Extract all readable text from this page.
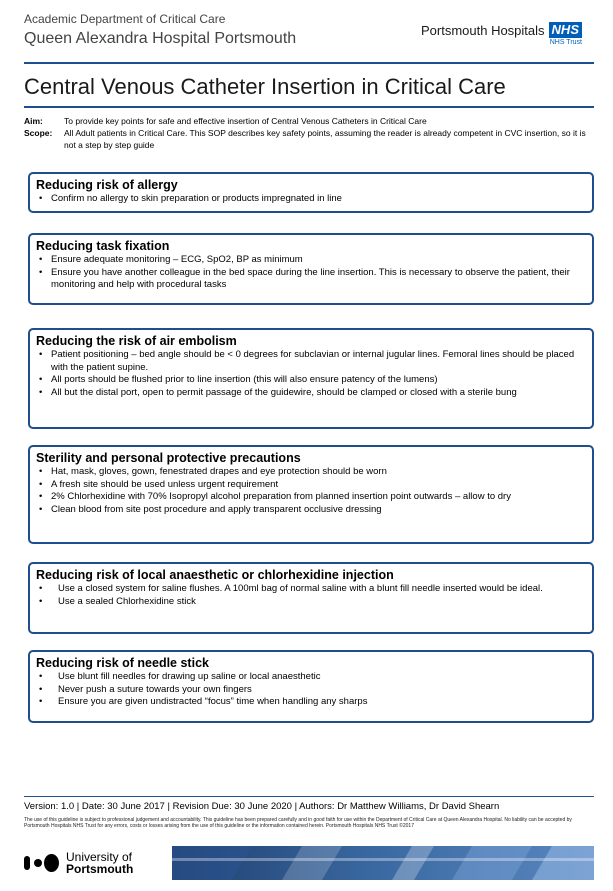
Academic Department of Critical Care
Queen Alexandra Hospital Portsmouth	Portsmouth Hospitals NHS
NHS Trust
Central Venous Catheter Insertion in Critical Care
Aim:	To provide key points for safe and effective insertion of Central Venous Catheters in Critical Care
Scope:	All Adult patients in Critical Care. This SOP describes key safety points, assuming the reader is already competent in CVC insertion, so it is not a step by step guide
Reducing risk of allergy
• Confirm no allergy to skin preparation or products impregnated in line
Reducing task fixation
• Ensure adequate monitoring – ECG, SpO2, BP as minimum
• Ensure you have another colleague in the bed space during the line insertion. This is necessary to observe the patient, their monitoring and help with procedural tasks
Reducing the risk of air embolism
• Patient positioning – bed angle should be < 0 degrees for subclavian or internal jugular lines. Femoral lines should be placed with the patient supine.
• All ports should be flushed prior to line insertion (this will also ensure patency of the lumens)
• All but the distal port, open to permit passage of the guidewire, should be clamped or closed with a sterile bung
Sterility and personal protective precautions
• Hat, mask, gloves, gown, fenestrated drapes and eye protection should be worn
• A fresh site should be used unless urgent requirement
• 2% Chlorhexidine with 70% Isopropyl alcohol preparation from planned insertion point outwards – allow to dry
• Clean blood from site post procedure and apply transparent occlusive dressing
Reducing risk of local anaesthetic or chlorhexidine injection
• Use a closed system for saline flushes. A 100ml bag of normal saline with a blunt fill needle inserted would be ideal.
• Use a sealed Chlorhexidine stick
Reducing risk of needle stick
• Use blunt fill needles for drawing up saline or local anaesthetic
• Never push a suture towards your own fingers
• Ensure you are given undistracted “focus” time when handling any sharps
Version: 1.0 | Date: 30 June 2017 | Revision Due: 30 June 2020 | Authors: Dr Matthew Williams, Dr David Shearn
The use of this guideline is subject to professional judgement and accountability. This guideline has been prepared carefully and in good faith for use within the Department of Critical Care at Queen Alexandra Hospital. No liability can be accepted by Portsmouth Hospitals NHS Trust for any errors, costs or losses arising from the use of this guideline or the information contained herein. Portsmouth Hospitals NHS Trust ©2017
University of
Portsmouth
